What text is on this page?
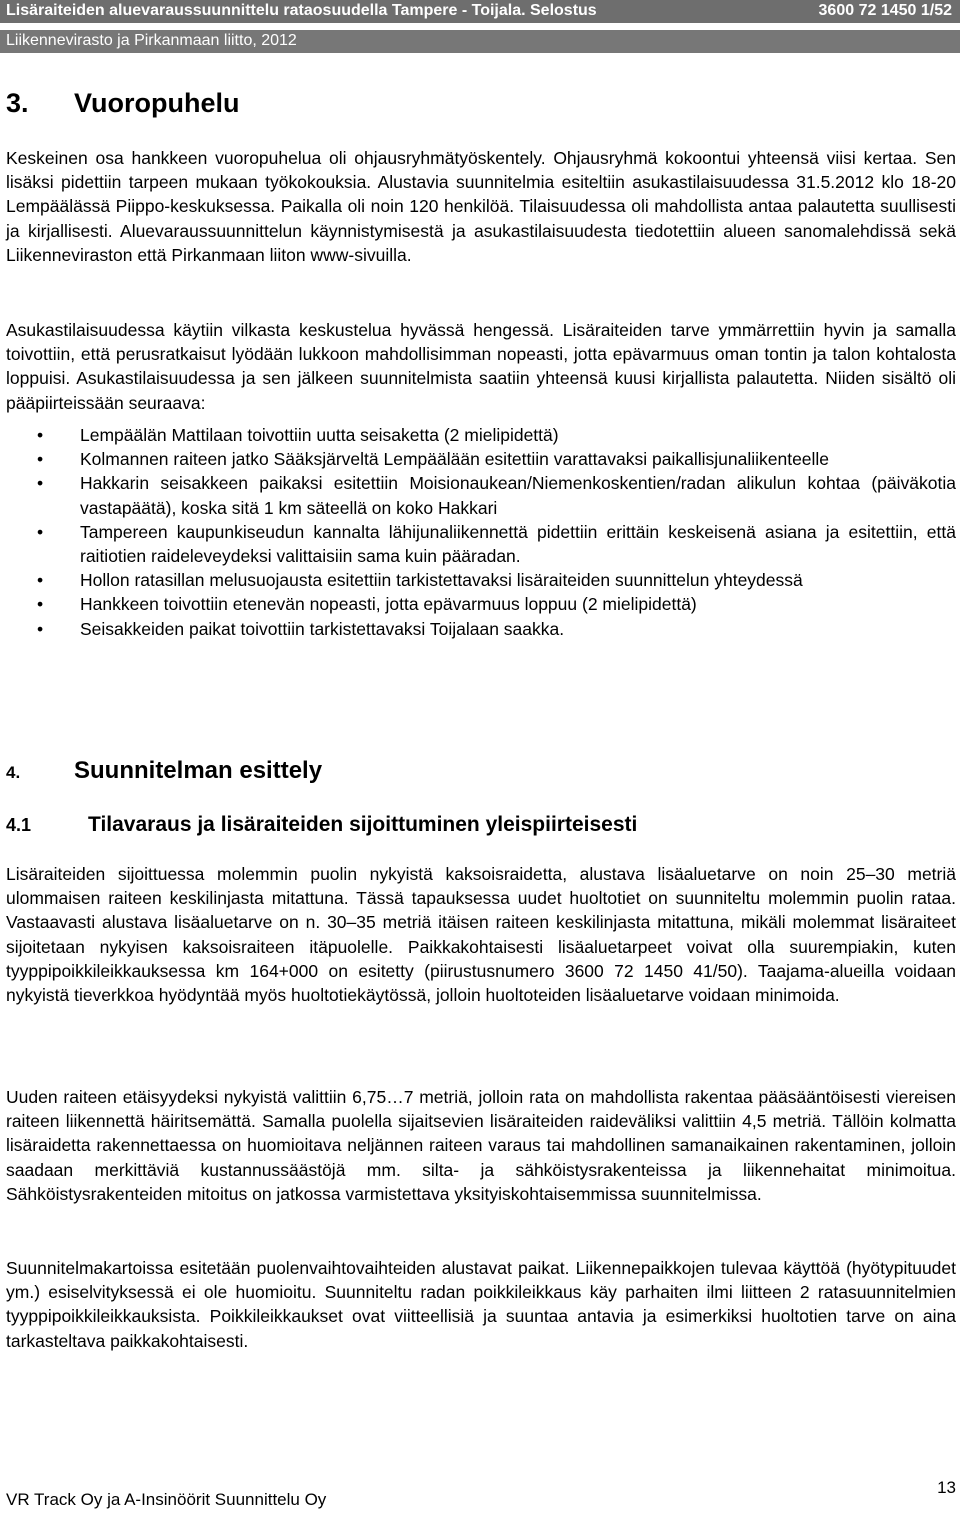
Lisäraiteiden aluevaraussuunnittelu rataosuudella Tampere - Toijala. Selostus	3600 72 1450 1/52
Liikennevirasto ja Pirkanmaan liitto, 2012
3. Vuoropuhelu

Keskeinen osa hankkeen vuoropuhelua oli ohjausryhmätyöskentely. Ohjausryhmä kokoontui yhteensä viisi kertaa. Sen lisäksi pidettiin tarpeen mukaan työkokouksia. Alustavia suunnitelmia esiteltiin asukastilaisuudessa 31.5.2012 klo 18-20 Lempäälässä Piippo-keskuksessa. Paikalla oli noin 120 henkilöä. Tilaisuudessa oli mahdollista antaa palautetta suullisesti ja kirjallisesti. Aluevaraussuunnittelun käynnistymisestä ja asukastilaisuudesta tiedotettiin alueen sanomalehdissä sekä Liikenneviraston että Pirkanmaan liiton www-sivuilla.

Asukastilaisuudessa käytiin vilkasta keskustelua hyvässä hengessä. Lisäraiteiden tarve ymmärrettiin hyvin ja samalla toivottiin, että perusratkaisut lyödään lukkoon mahdollisimman nopeasti, jotta epävarmuus oman tontin ja talon kohtalosta loppuisi. Asukastilaisuudessa ja sen jälkeen suunnitelmista saatiin yhteensä kuusi kirjallista palautetta. Niiden sisältö oli pääpiirteissään seuraava:

• Lempäälän Mattilaan toivottiin uutta seisaketta (2 mielipidettä)
• Kolmannen raiteen jatko Sääksjärveltä Lempäälään esitettiin varattavaksi paikallisjunaliikenteelle
• Hakkarin seisakkeen paikaksi esitettiin Moisionaukean/Niemenkoskentien/radan alikulun kohtaa (päiväkotia vastapäätä), koska sitä 1 km säteellä on koko Hakkari
• Tampereen kaupunkiseudun kannalta lähijunaliikennettä pidettiin erittäin keskeisenä asiana ja esitettiin, että raitiotien raideleveydeksi valittaisiin sama kuin pääradan.
• Hollon ratasillan melusuojausta esitettiin tarkistettavaksi lisäraiteiden suunnittelun yhteydessä
• Hankkeen toivottiin etenevän nopeasti, jotta epävarmuus loppuu (2 mielipidettä)
• Seisakkeiden paikat toivottiin tarkistettavaksi Toijalaan saakka.
4. Suunnitelman esittely
4.1	Tilavaraus ja lisäraiteiden sijoittuminen yleispiirteisesti

Lisäraiteiden sijoittuessa molemmin puolin nykyistä kaksoisraidetta, alustava lisäaluetarve on noin 25–30 metriä ulommaisen raiteen keskilinjasta mitattuna. Tässä tapauksessa uudet huoltotiet on suunniteltu molemmin puolin rataa. Vastaavasti alustava lisäaluetarve on n. 30–35 metriä itäisen raiteen keskilinjasta mitattuna, mikäli molemmat lisäraiteet sijoitetaan nykyisen kaksoisraiteen itäpuolelle. Paikkakohtaisesti lisäaluetarpeet voivat olla suurempiakin, kuten tyyppipoikkileikkauksessa km 164+000 on esitetty (piirustusnumero 3600 72 1450 41/50). Taajama-alueilla voidaan nykyistä tieverkkoa hyödyntää myös huoltotiekäytössä, jolloin huoltoteiden lisäaluetarve voidaan minimoida.

Uuden raiteen etäisyydeksi nykyistä valittiin 6,75…7 metriä, jolloin rata on mahdollista rakentaa pääsääntöisesti viereisen raiteen liikennettä häiritsemättä. Samalla puolella sijaitsevien lisäraiteiden raideväliksi valittiin 4,5 metriä. Tällöin kolmatta lisäraidetta rakennettaessa on huomioitava neljännen raiteen varaus tai mahdollinen samanaikainen rakentaminen, jolloin saadaan merkittäviä kustannussäästöjä mm. silta- ja sähköistysrakenteissa ja liikennehaitat minimoitua. Sähköistysrakenteiden mitoitus on jatkossa varmistettava yksityiskohtaisemmissa suunnitelmissa.

Suunnitelmakartoissa esitetään puolenvaihtovaihteiden alustavat paikat. Liikennepaikkojen tulevaa käyttöä (hyötypituudet ym.) esiselvityksessä ei ole huomioitu. Suunniteltu radan poikkileikkaus käy parhaiten ilmi liitteen 2 ratasuunnitelmien tyyppipoikkileikkauksista. Poikkileikkaukset ovat viitteellisiä ja suuntaa antavia ja esimerkiksi huoltotien tarve on aina tarkasteltava paikkakohtaisesti.

VR Track Oy ja A-Insinöörit Suunnittelu Oy
13
